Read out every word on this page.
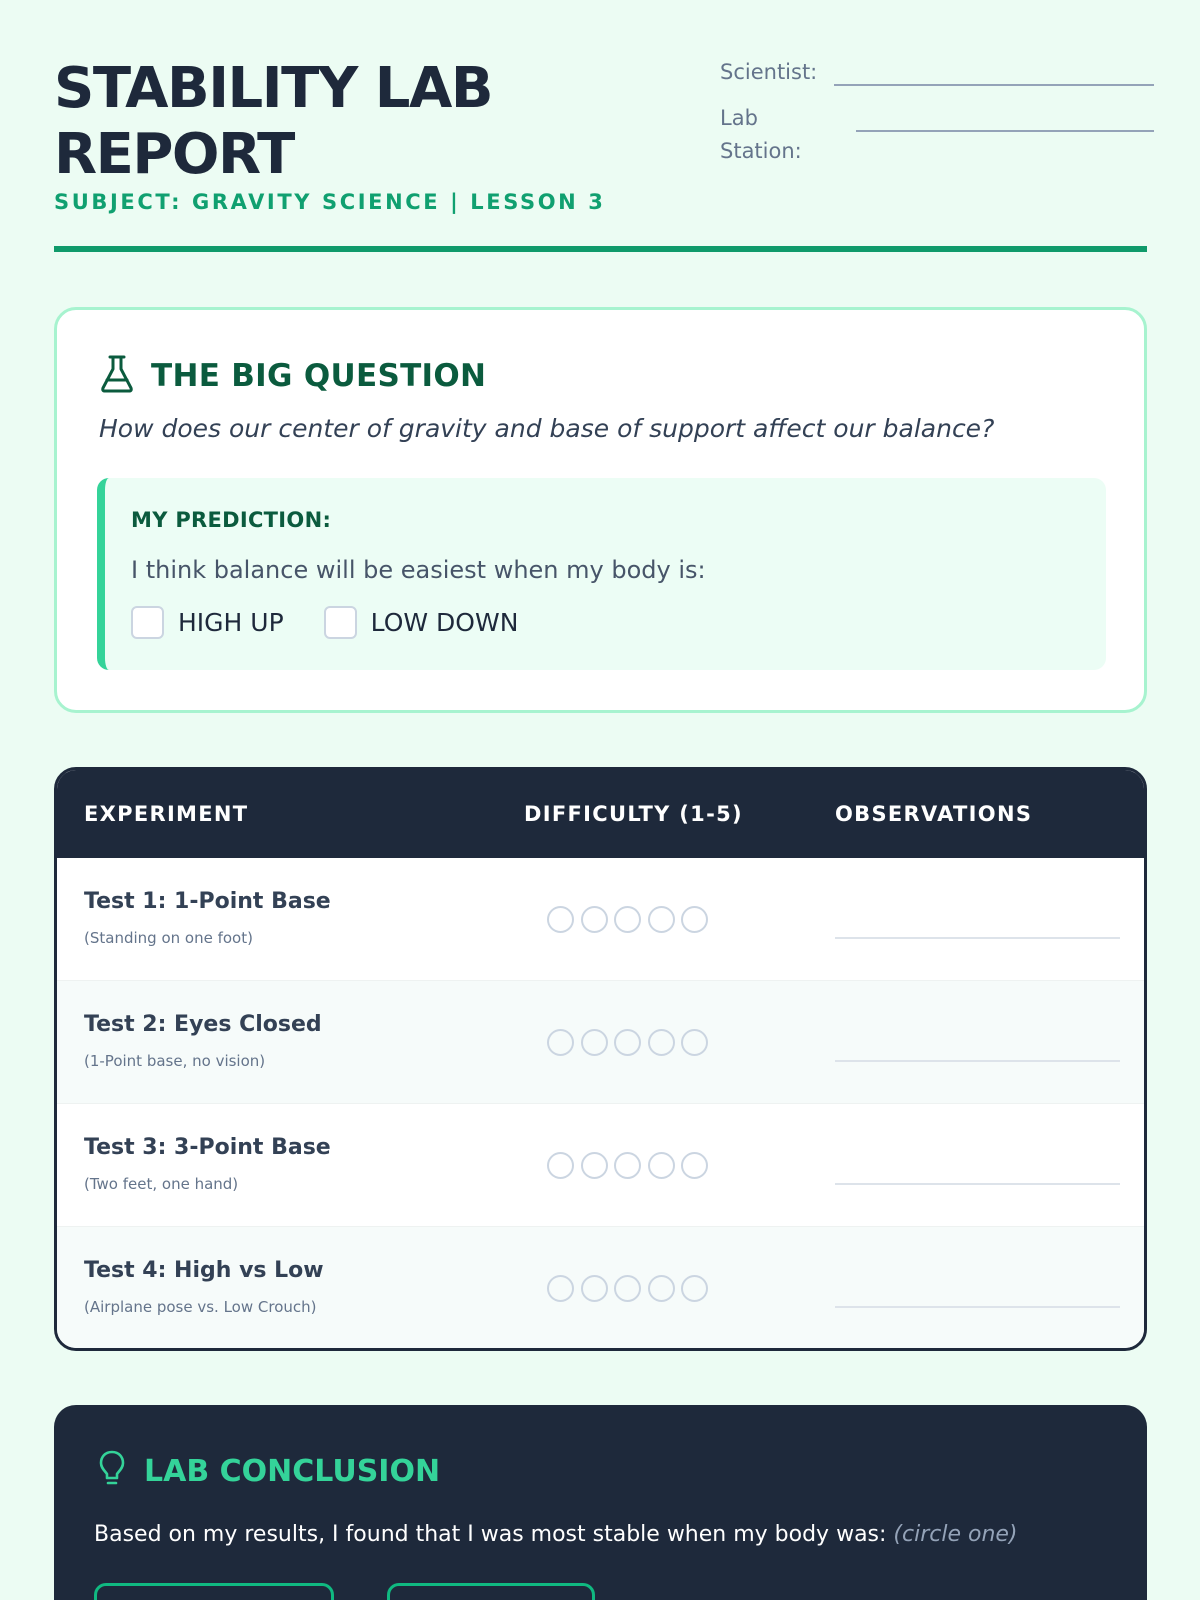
STABILITY LAB REPORT
SUBJECT: GRAVITY SCIENCE | LESSON 3
Scientist:
Lab Station:
THE BIG QUESTION
How does our center of gravity and base of support affect our balance?
MY PREDICTION:
I think balance will be easiest when my body is:
HIGH UP	LOW DOWN
EXPERIMENT	DIFFICULTY (1-5)	OBSERVATIONS
Test 1: 1-Point Base
(Standing on one foot)
Test 2: Eyes Closed
(1-Point base, no vision)
Test 3: 3-Point Base
(Two feet, one hand)
Test 4: High vs Low
(Airplane pose vs. Low Crouch)
LAB CONCLUSION
Based on my results, I found that I was most stable when my body was: (circle one)
